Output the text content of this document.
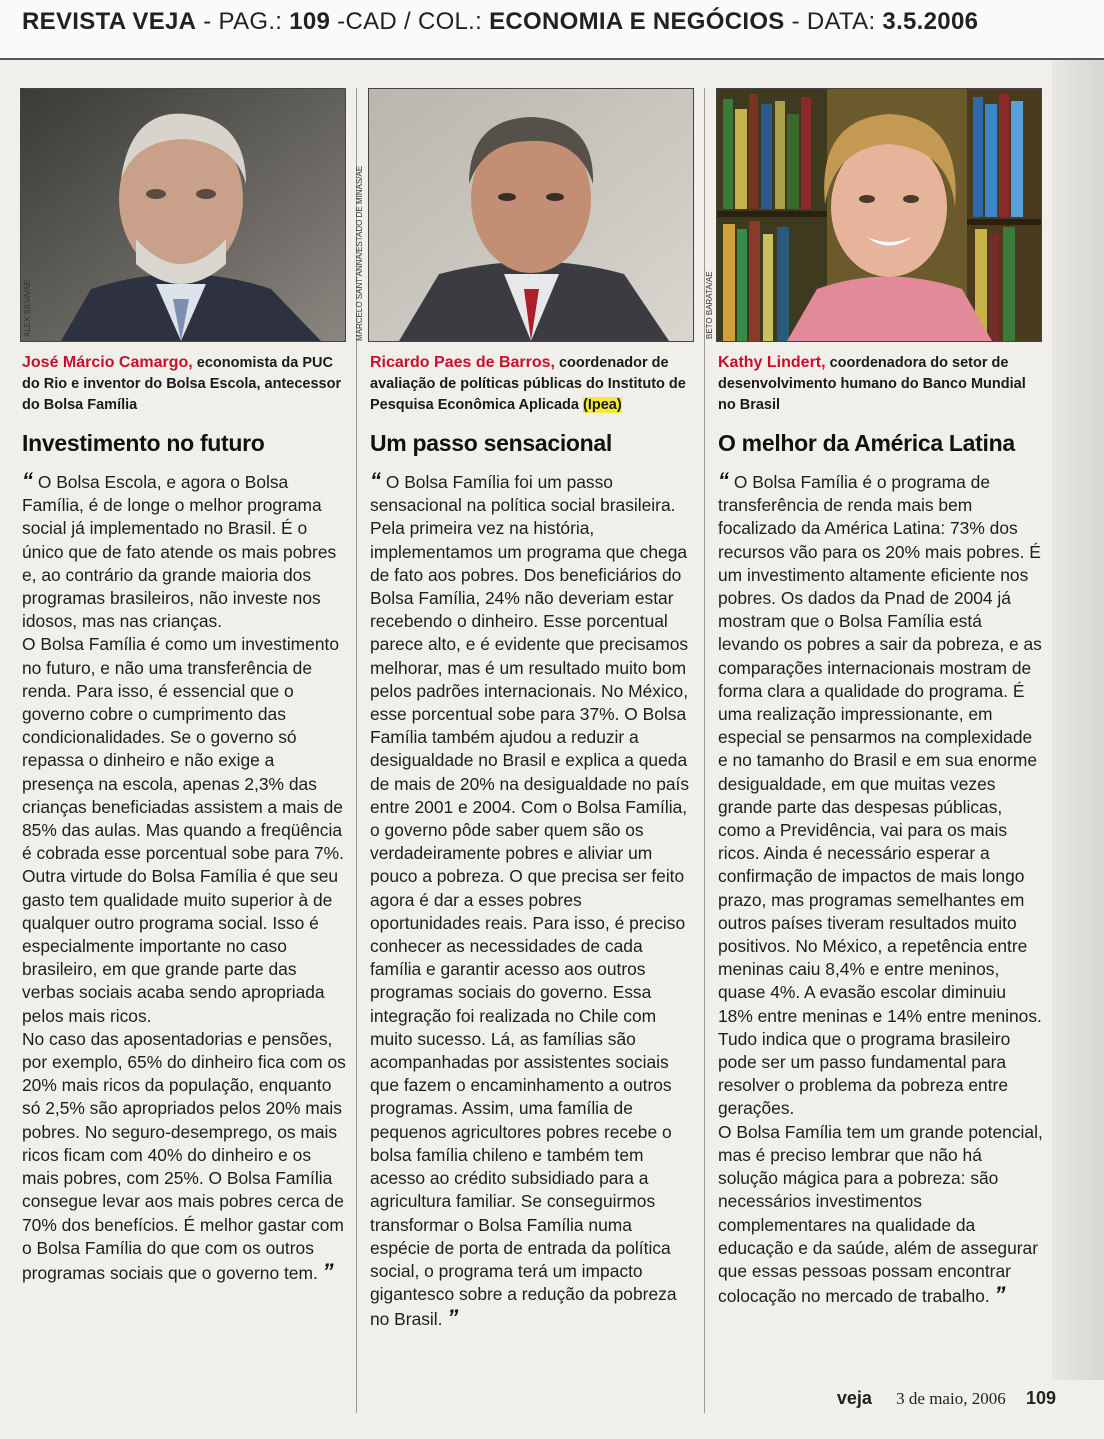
REVISTA VEJA - PAG.: 109 -CAD / COL.: ECONOMIA E NEGÓCIOS - DATA: 3.5.2006
ALEX SILVA/AE
José Márcio Camargo, economista da PUC do Rio e inventor do Bolsa Escola, antecessor do Bolsa Família
Investimento no futuro

“ O Bolsa Escola, e agora o Bolsa Família, é de longe o melhor programa social já implementado no Brasil. É o único que de fato atende os mais pobres e, ao contrário da grande maioria dos programas brasileiros, não investe nos idosos, mas nas crianças.

O Bolsa Família é como um investimento no futuro, e não uma transferência de renda. Para isso, é essencial que o governo cobre o cumprimento das condicionalidades. Se o governo só repassa o dinheiro e não exige a presença na escola, apenas 2,3% das crianças beneficiadas assistem a mais de 85% das aulas. Mas quando a freqüência é cobrada esse porcentual sobe para 7%. Outra virtude do Bolsa Família é que seu gasto tem qualidade muito superior à de qualquer outro programa social. Isso é especialmente importante no caso brasileiro, em que grande parte das verbas sociais acaba sendo apropriada pelos mais ricos.

No caso das aposentadorias e pensões, por exemplo, 65% do dinheiro fica com os 20% mais ricos da população, enquanto só 2,5% são apropriados pelos 20% mais pobres. No seguro-desemprego, os mais ricos ficam com 40% do dinheiro e os mais pobres, com 25%. O Bolsa Família consegue levar aos mais pobres cerca de 70% dos benefícios. É melhor gastar com o Bolsa Família do que com os outros programas sociais que o governo tem. ”

MARCELO SANT'ANNA/ESTADO DE MINAS/AE
Ricardo Paes de Barros, coordenador de avaliação de políticas públicas do Instituto de Pesquisa Econômica Aplicada (Ipea)
Um passo sensacional

“ O Bolsa Família foi um passo sensacional na política social brasileira. Pela primeira vez na história, implementamos um programa que chega de fato aos pobres. Dos beneficiários do Bolsa Família, 24% não deveriam estar recebendo o dinheiro. Esse porcentual parece alto, e é evidente que precisamos melhorar, mas é um resultado muito bom pelos padrões internacionais. No México, esse porcentual sobe para 37%. O Bolsa Família também ajudou a reduzir a desigualdade no Brasil e explica a queda de mais de 20% na desigualdade no país entre 2001 e 2004. Com o Bolsa Família, o governo pôde saber quem são os verdadeiramente pobres e aliviar um pouco a pobreza. O que precisa ser feito agora é dar a esses pobres oportunidades reais. Para isso, é preciso conhecer as necessidades de cada família e garantir acesso aos outros programas sociais do governo. Essa integração foi realizada no Chile com muito sucesso. Lá, as famílias são acompanhadas por assistentes sociais que fazem o encaminhamento a outros programas. Assim, uma família de pequenos agricultores pobres recebe o bolsa família chileno e também tem acesso ao crédito subsidiado para a agricultura familiar. Se conseguirmos transformar o Bolsa Família numa espécie de porta de entrada da política social, o programa terá um impacto gigantesco sobre a redução da pobreza no Brasil. ”

BETO BARATA/AE
Kathy Lindert, coordenadora do setor de desenvolvimento humano do Banco Mundial no Brasil
O melhor da América Latina

“ O Bolsa Família é o programa de transferência de renda mais bem focalizado da América Latina: 73% dos recursos vão para os 20% mais pobres. É um investimento altamente eficiente nos pobres. Os dados da Pnad de 2004 já mostram que o Bolsa Família está levando os pobres a sair da pobreza, e as comparações internacionais mostram de forma clara a qualidade do programa. É uma realização impressionante, em especial se pensarmos na complexidade e no tamanho do Brasil e em sua enorme desigualdade, em que muitas vezes grande parte das despesas públicas, como a Previdência, vai para os mais ricos. Ainda é necessário esperar a confirmação de impactos de mais longo prazo, mas programas semelhantes em outros países tiveram resultados muito positivos. No México, a repetência entre meninas caiu 8,4% e entre meninos, quase 4%. A evasão escolar diminuiu 18% entre meninas e 14% entre meninos. Tudo indica que o programa brasileiro pode ser um passo fundamental para resolver o problema da pobreza entre gerações.

O Bolsa Família tem um grande potencial, mas é preciso lembrar que não há solução mágica para a pobreza: são necessários investimentos complementares na qualidade da educação e da saúde, além de assegurar que essas pessoas possam encontrar colocação no mercado de trabalho. ”

veja 3 de maio, 2006 109
